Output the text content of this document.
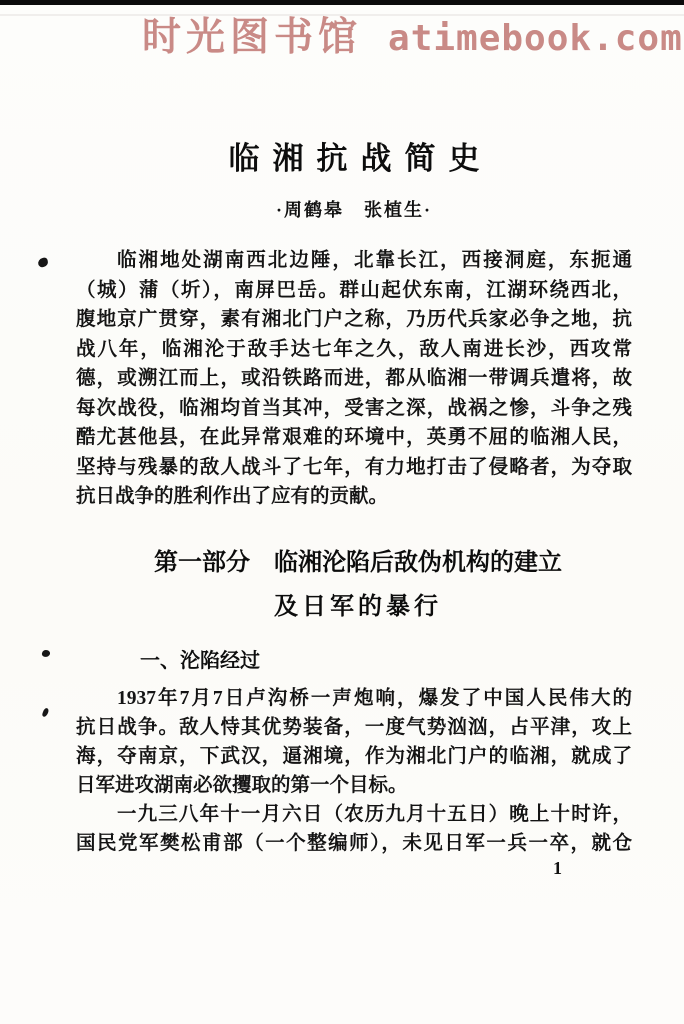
时光图书馆 atimebook.com
临湘抗战简史
·周鹤皋　张植生·
临湘地处湖南西北边陲，北靠长江，西接洞庭，东扼通
（城）蒲（圻），南屏巴岳。群山起伏东南，江湖环绕西北，
腹地京广贯穿，素有湘北门户之称，乃历代兵家必争之地，抗
战八年，临湘沦于敌手达七年之久，敌人南进长沙，西攻常
德，或溯江而上，或沿铁路而进，都从临湘一带调兵遣将，故
每次战役，临湘均首当其冲，受害之深，战祸之惨，斗争之残
酷尤甚他县，在此异常艰难的环境中，英勇不屈的临湘人民，
坚持与残暴的敌人战斗了七年，有力地打击了侵略者，为夺取
抗日战争的胜利作出了应有的贡献。
第一部分 临湘沦陷后敌伪机构的建立
及日军的暴行
一、沦陷经过
1937年7月7日卢沟桥一声炮响，爆发了中国人民伟大的
抗日战争。敌人恃其优势装备，一度气势汹汹，占平津，攻上
海，夺南京，下武汉，逼湘境，作为湘北门户的临湘，就成了
日军进攻湖南必欲攫取的第一个目标。
一九三八年十一月六日（农历九月十五日）晚上十时许，
国民党军樊松甫部（一个整编师），未见日军一兵一卒，就仓
1
